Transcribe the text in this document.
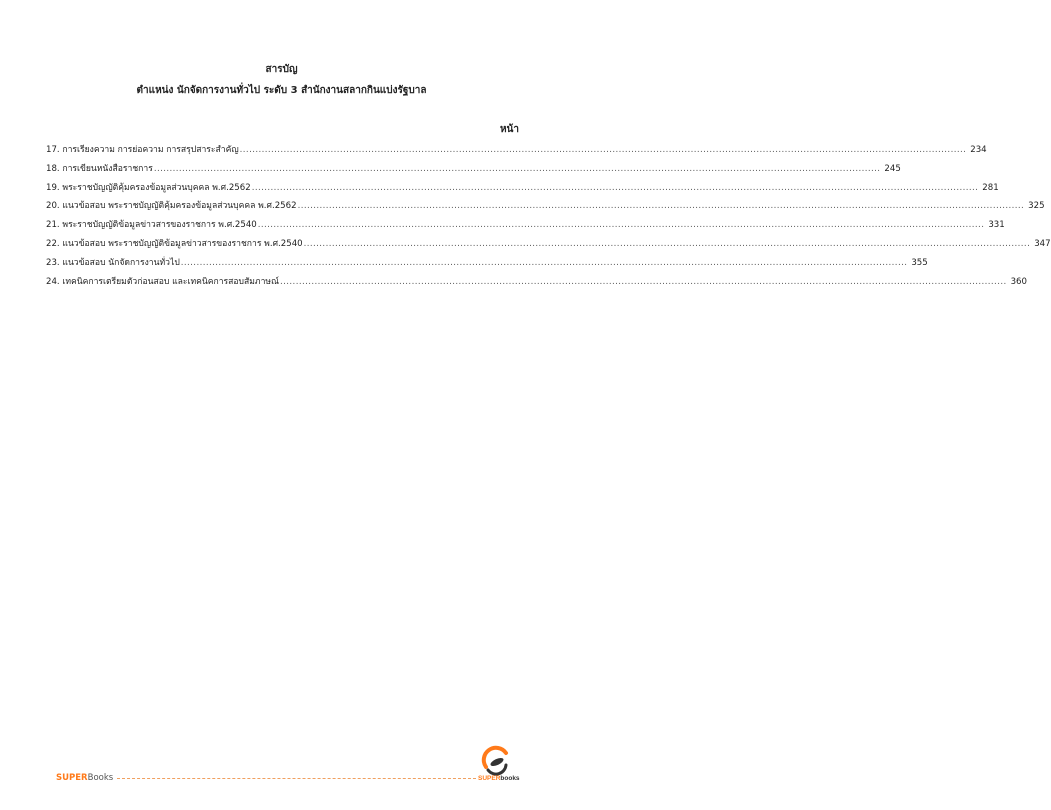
สารบัญ
ตำแหน่ง นักจัดการงานทั่วไป ระดับ 3 สำนักงานสลากกินแบ่งรัฐบาล
หน้า
17. การเรียงความ การย่อความ การสรุปสาระสำคัญ .....	234
18. การเขียนหนังสือราชการ .....	245
19. พระราชบัญญัติคุ้มครองข้อมูลส่วนบุคคล พ.ศ.2562 .....	281
20. แนวข้อสอบ พระราชบัญญัติคุ้มครองข้อมูลส่วนบุคคล พ.ศ.2562 .....	325
21. พระราชบัญญัติข้อมูลข่าวสารของราชการ พ.ศ.2540 .....	331
22. แนวข้อสอบ พระราชบัญญัติข้อมูลข่าวสารของราชการ พ.ศ.2540 .....	347
23. แนวข้อสอบ นักจัดการงานทั่วไป .....	355
24. เทคนิคการเตรียมตัวก่อนสอบ และเทคนิคการสอบสัมภาษณ์ .....	360
SUPERBooks	SUPERbooks
